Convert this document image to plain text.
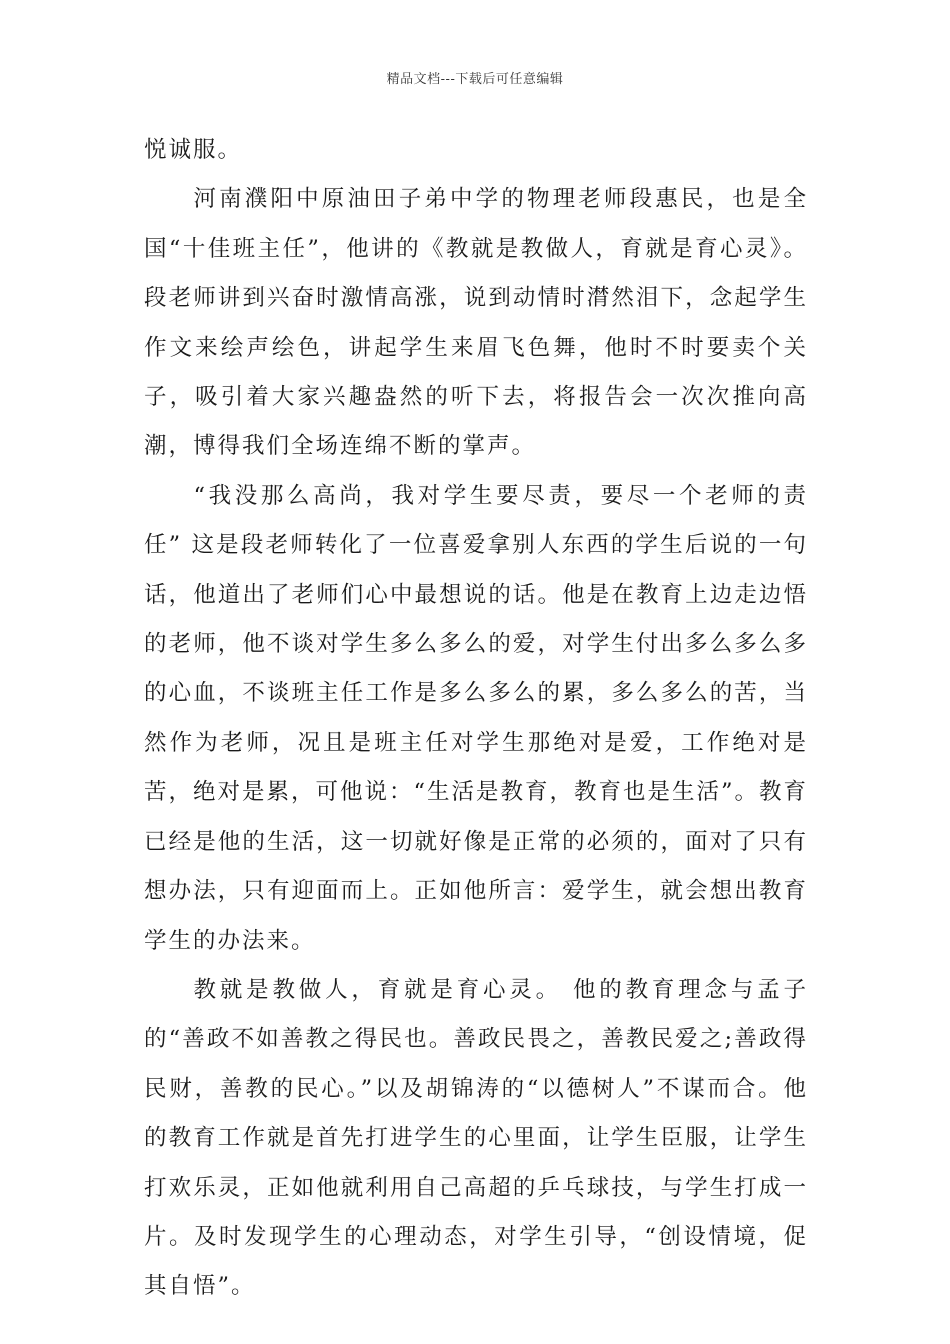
精品文档---下载后可任意编辑

悦诚服。

河南濮阳中原油田子弟中学的物理老师段惠民，也是全国“十佳班主任”，他讲的《教就是教做人，育就是育心灵》。段老师讲到兴奋时激情高涨，说到动情时潸然泪下，念起学生作文来绘声绘色，讲起学生来眉飞色舞，他时不时要卖个关子，吸引着大家兴趣盎然的听下去，将报告会一次次推向高潮，博得我们全场连绵不断的掌声。

“我没那么高尚，我对学生要尽责，要尽一个老师的责任” 这是段老师转化了一位喜爱拿别人东西的学生后说的一句话，他道出了老师们心中最想说的话。他是在教育上边走边悟的老师，他不谈对学生多么多么的爱，对学生付出多么多么多的心血，不谈班主任工作是多么多么的累，多么多么的苦，当然作为老师，况且是班主任对学生那绝对是爱，工作绝对是苦，绝对是累，可他说：“生活是教育，教育也是生活”。教育已经是他的生活，这一切就好像是正常的必须的，面对了只有想办法，只有迎面而上。正如他所言：爱学生，就会想出教育学生的办法来。

教就是教做人，育就是育心灵。 他的教育理念与孟子的“善政不如善教之得民也。善政民畏之，善教民爱之;善政得民财，善教的民心。”以及胡锦涛的“以德树人”不谋而合。他的教育工作就是首先打进学生的心里面，让学生臣服，让学生打欢乐灵，正如他就利用自己高超的乒乓球技，与学生打成一片。及时发现学生的心理动态，对学生引导，“创设情境，促其自悟”。
